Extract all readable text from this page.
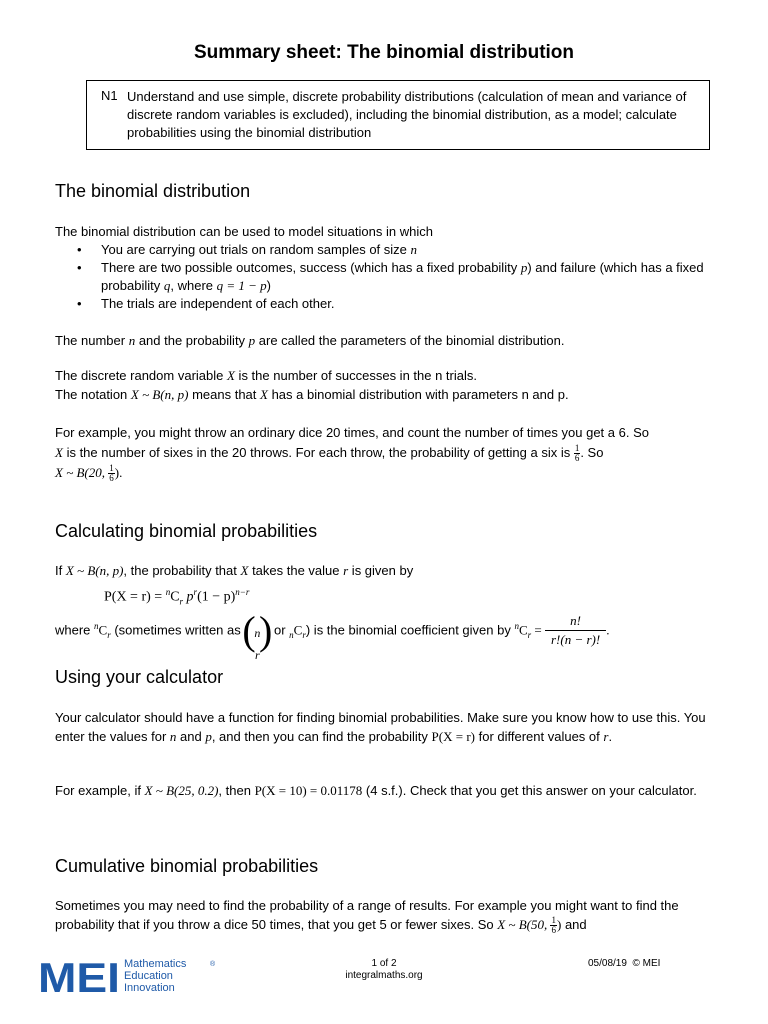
Summary sheet: The binomial distribution
N1 Understand and use simple, discrete probability distributions (calculation of mean and variance of discrete random variables is excluded), including the binomial distribution, as a model; calculate probabilities using the binomial distribution
The binomial distribution
The binomial distribution can be used to model situations in which
• You are carrying out trials on random samples of size n
• There are two possible outcomes, success (which has a fixed probability p) and failure (which has a fixed probability q, where q = 1 − p)
• The trials are independent of each other.
The number n and the probability p are called the parameters of the binomial distribution.
The discrete random variable X is the number of successes in the n trials.
The notation X ~ B(n, p) means that X has a binomial distribution with parameters n and p.
For example, you might throw an ordinary dice 20 times, and count the number of times you get a 6. So
X is the number of sixes in the 20 throws. For each throw, the probability of getting a six is $\frac{1}{6}$ . So
X ~ B(20, $\frac{1}{6}$ ).
Calculating binomial probabilities
If X ~ B(n, p), the probability that X takes the value r is given by
$P(X = r) = ^nC_r$ $p^r(1 - p)^{n-r}$
where $^nC_r$ (sometimes written as
(
n
r
) or $_nC_r$) is the binomial coefficient given by $^nC_r = \frac{n!}{r!(n - r)!}$ .
Using your calculator
Your calculator should have a function for finding binomial probabilities. Make sure you know how to use this. You enter the values for n and p, and then you can find the probability P(X = r) for different values of r.
For example, if X ~ B(25, 0.2), then P(X = 10) = 0.01178 (4 s.f.). Check that you get this answer on your calculator.
Cumulative binomial probabilities
Sometimes you may need to find the probability of a range of results. For example you might want to find the probability that if you throw a dice 50 times, that you get 5 or fewer sixes. So X ~ B(50, $\frac{1}{6}$ ) and
MEI Mathematics
Education
Innovation
®	1 of 2
integralmaths.org
05/08/19 © MEI
